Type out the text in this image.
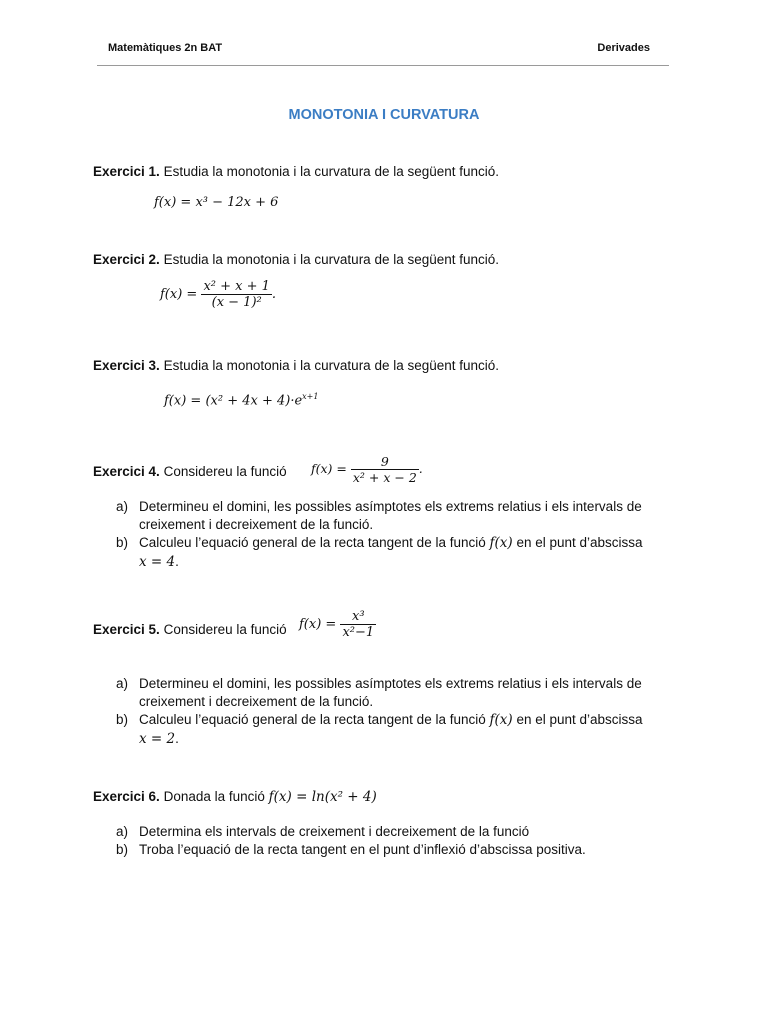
Matemàtiques 2n BAT	Derivades
MONOTONIA I CURVATURA
Exercici 1. Estudia la monotonia i la curvatura de la següent funció.
f(x) = x³ − 12x + 6
Exercici 2. Estudia la monotonia i la curvatura de la següent funció.
$f(x) = \frac{\text{x² + x + 1}}{\text{(x − 1)²}}$ .
Exercici 3. Estudia la monotonia i la curvatura de la següent funció.
$f(x) = (x^2 + 4x + 4)\cdot e^{x+1}$
Exercici 4. Considereu la funció $f(x) = \frac{9}{\text{x² + x − 2}}$ .
a) Determineu el domini, les possibles asímptotes els extrems relatius i els intervals de creixement i decreixement de la funció.
b) Calculeu l’equació general de la recta tangent de la funció f(x) en el punt d’abscissa
x = 4.
Exercici 5. Considereu la funció $f(x) = \frac{\text{x³}}{\text{x²−1}}$
a) Determineu el domini, les possibles asímptotes els extrems relatius i els intervals de creixement i decreixement de la funció.
b) Calculeu l’equació general de la recta tangent de la funció f(x) en el punt d’abscissa
x = 2.
Exercici 6. Donada la funció f(x) = ln(x² + 4)
a) Determina els intervals de creixement i decreixement de la funció
b) Troba l’equació de la recta tangent en el punt d’inflexió d’abscissa positiva.
